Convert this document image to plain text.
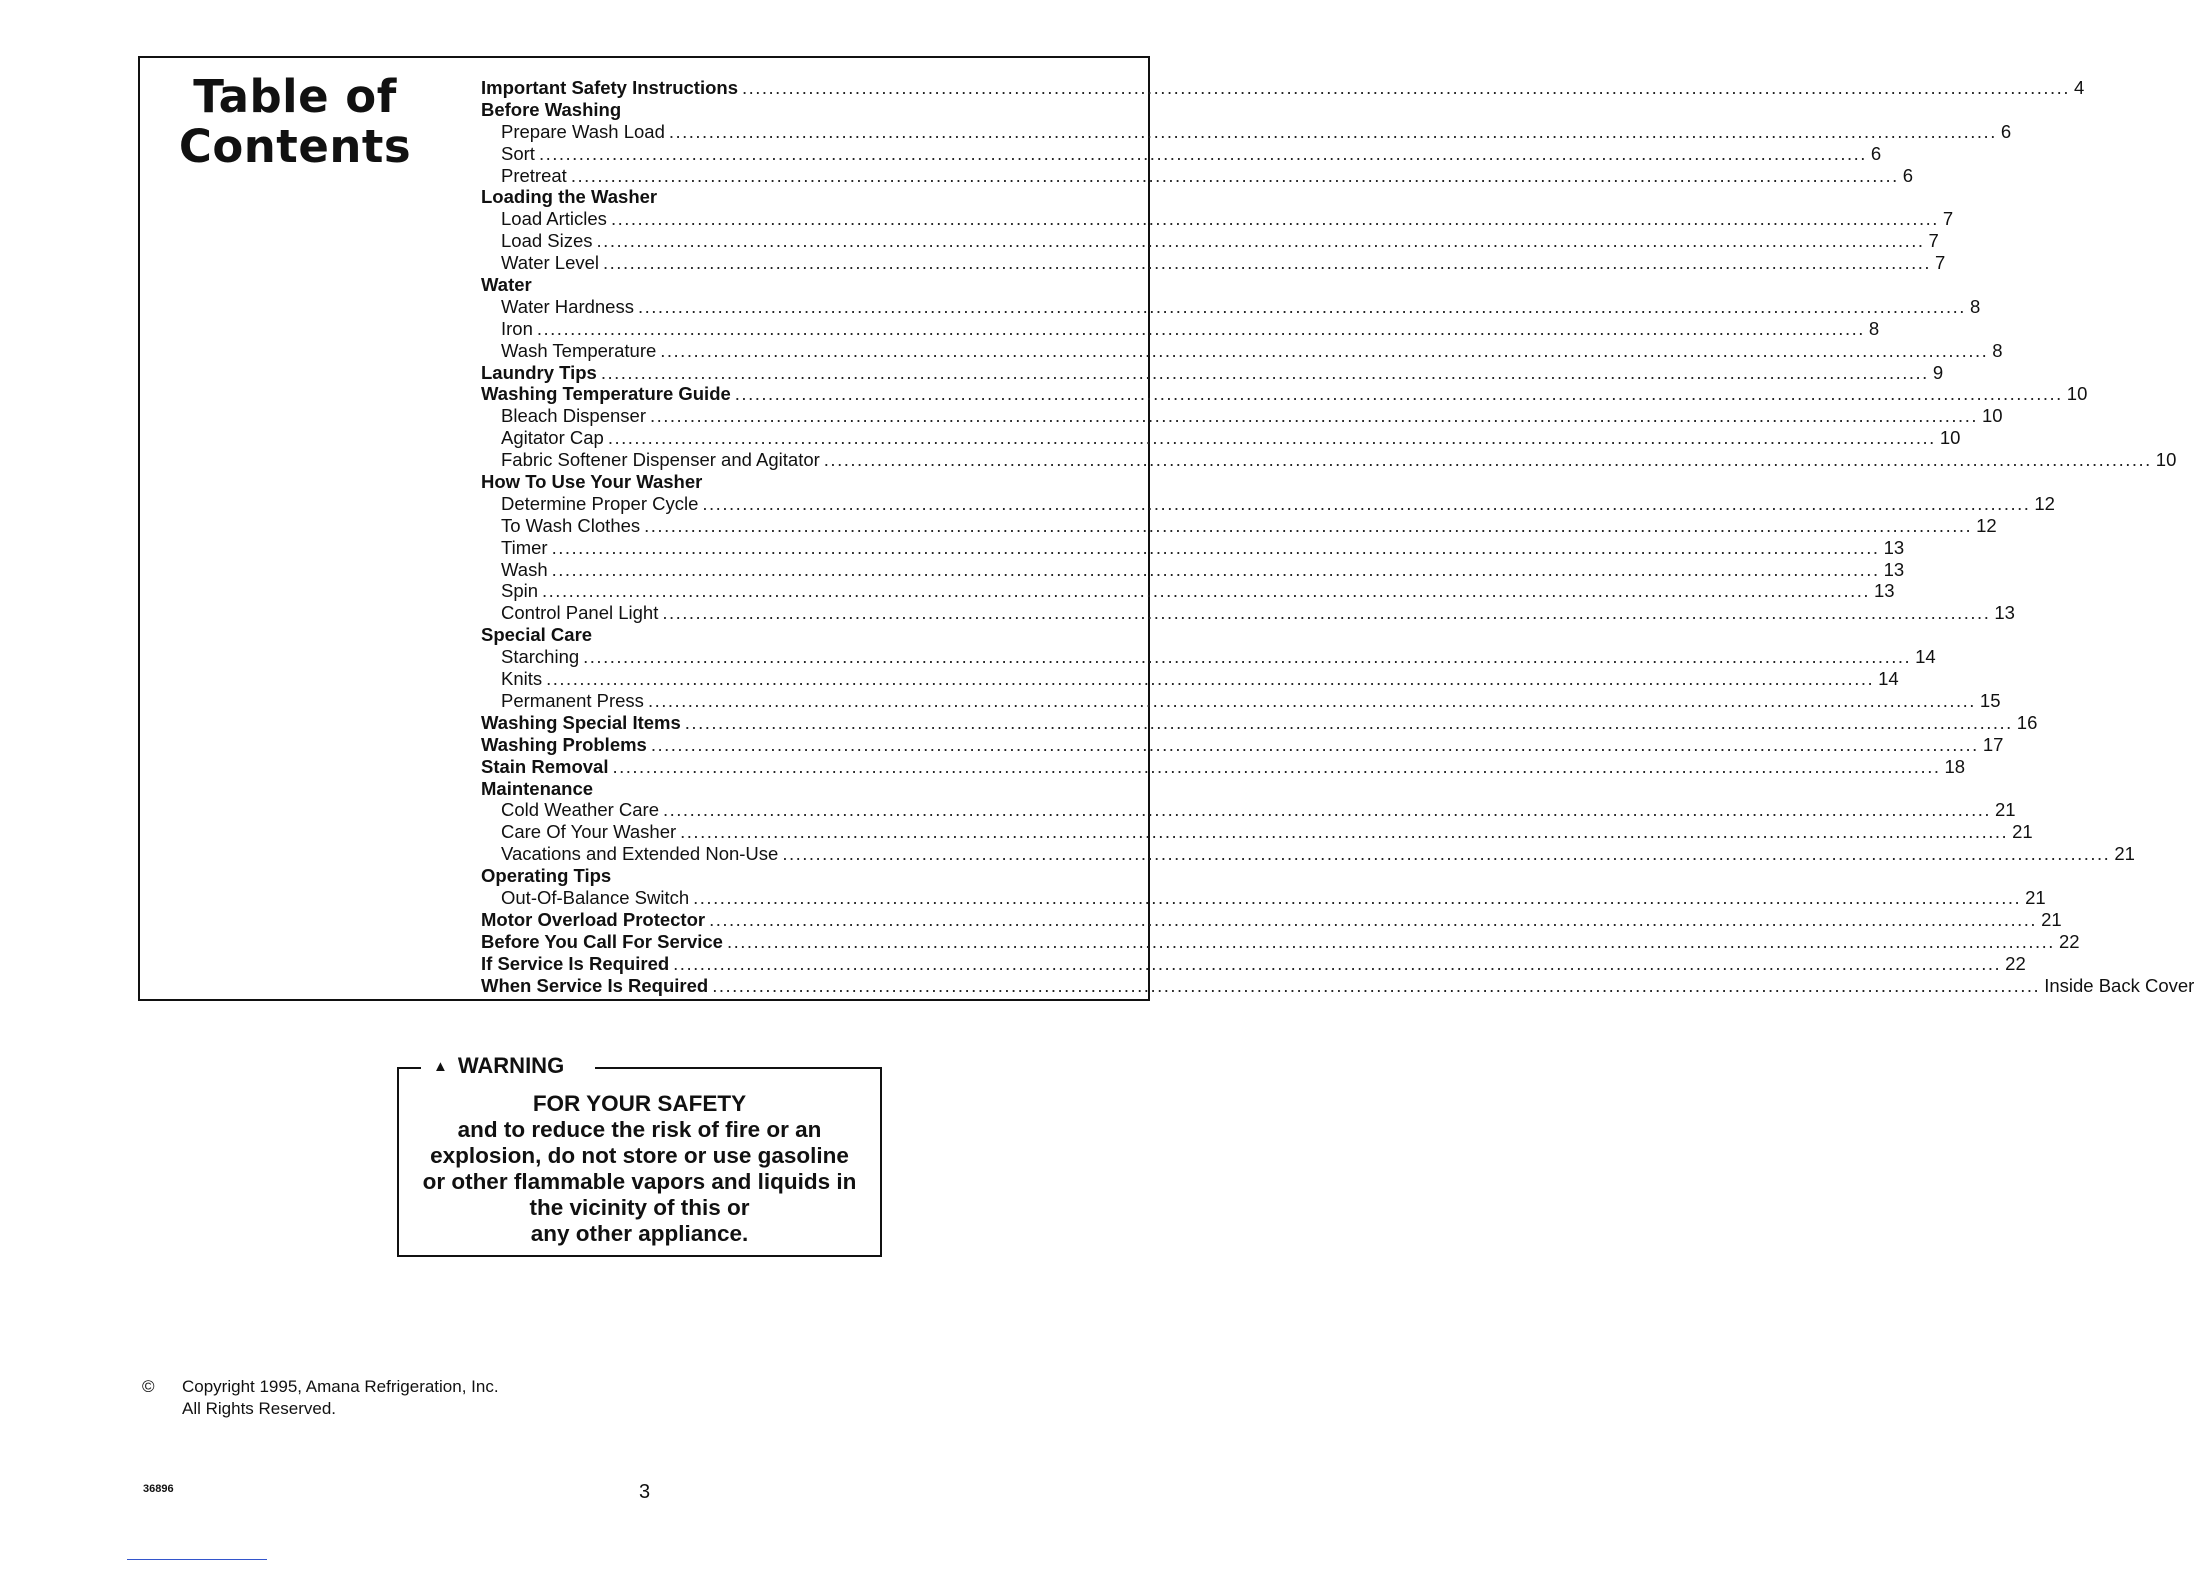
Table of
Contents
Important Safety Instructions ........................................................................................................................................................................................................ 4
Before Washing
Prepare Wash Load ........................................................................................................................................................................................................ 6
Sort ........................................................................................................................................................................................................ 6
Pretreat ........................................................................................................................................................................................................ 6
Loading the Washer
Load Articles ........................................................................................................................................................................................................ 7
Load Sizes ........................................................................................................................................................................................................ 7
Water Level ........................................................................................................................................................................................................ 7
Water
Water Hardness ........................................................................................................................................................................................................ 8
Iron ........................................................................................................................................................................................................ 8
Wash Temperature ........................................................................................................................................................................................................ 8
Laundry Tips ........................................................................................................................................................................................................ 9
Washing Temperature Guide ........................................................................................................................................................................................................ 10
Bleach Dispenser ........................................................................................................................................................................................................ 10
Agitator Cap ........................................................................................................................................................................................................ 10
Fabric Softener Dispenser and Agitator ........................................................................................................................................................................................................ 10
How To Use Your Washer
Determine Proper Cycle ........................................................................................................................................................................................................ 12
To Wash Clothes ........................................................................................................................................................................................................ 12
Timer ........................................................................................................................................................................................................ 13
Wash ........................................................................................................................................................................................................ 13
Spin ........................................................................................................................................................................................................ 13
Control Panel Light ........................................................................................................................................................................................................ 13
Special Care
Starching ........................................................................................................................................................................................................ 14
Knits ........................................................................................................................................................................................................ 14
Permanent Press ........................................................................................................................................................................................................ 15
Washing Special Items ........................................................................................................................................................................................................ 16
Washing Problems ........................................................................................................................................................................................................ 17
Stain Removal ........................................................................................................................................................................................................ 18
Maintenance
Cold Weather Care ........................................................................................................................................................................................................ 21
Care Of Your Washer ........................................................................................................................................................................................................ 21
Vacations and Extended Non-Use ........................................................................................................................................................................................................ 21
Operating Tips
Out-Of-Balance Switch ........................................................................................................................................................................................................ 21
Motor Overload Protector ........................................................................................................................................................................................................ 21
Before You Call For Service ........................................................................................................................................................................................................ 22
If Service Is Required ........................................................................................................................................................................................................ 22
When Service Is Required ........................................................................................................................................................................................................ Inside Back Cover
▲ WARNING
FOR YOUR SAFETY
and to reduce the risk of fire or an
explosion, do not store or use gasoline
or other flammable vapors and liquids in
the vicinity of this or
any other appliance.
© Copyright 1995, Amana Refrigeration, Inc.
All Rights Reserved.
36896	3
